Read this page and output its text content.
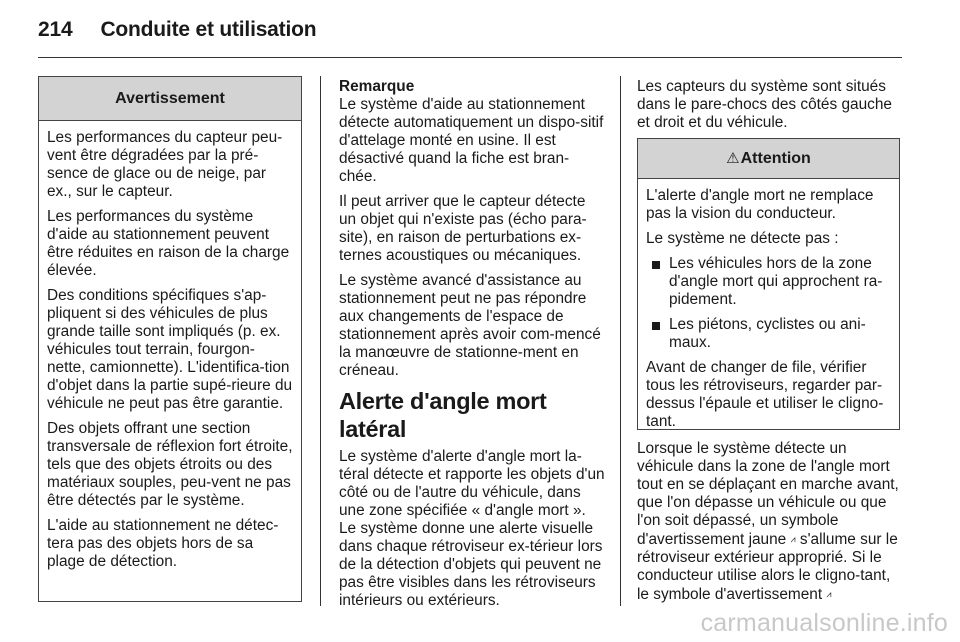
214 Conduite et utilisation
Avertissement

Les performances du capteur peu-vent être dégradées par la pré-sence de glace ou de neige, par ex., sur le capteur.

Les performances du système d'aide au stationnement peuvent être réduites en raison de la charge élevée.

Des conditions spécifiques s'ap-pliquent si des véhicules de plus grande taille sont impliqués (p. ex. véhicules tout terrain, fourgon-nette, camionnette). L'identifica-tion d'objet dans la partie supé-rieure du véhicule ne peut pas être garantie.

Des objets offrant une section transversale de réflexion fort étroite, tels que des objets étroits ou des matériaux souples, peu-vent ne pas être détectés par le système.

L'aide au stationnement ne détec-tera pas des objets hors de sa plage de détection.

Remarque

Le système d'aide au stationnement détecte automatiquement un dispo-sitif d'attelage monté en usine. Il est désactivé quand la fiche est bran-chée.

Il peut arriver que le capteur détecte un objet qui n'existe pas (écho para-site), en raison de perturbations ex-ternes acoustiques ou mécaniques.

Le système avancé d'assistance au stationnement peut ne pas répondre aux changements de l'espace de stationnement après avoir com-mencé la manœuvre de stationne-ment en créneau.

Alerte d'angle mort latéral

Le système d'alerte d'angle mort la-téral détecte et rapporte les objets d'un côté ou de l'autre du véhicule, dans une zone spécifiée « d'angle mort ». Le système donne une alerte visuelle dans chaque rétroviseur ex-térieur lors de la détection d'objets qui peuvent ne pas être visibles dans les rétroviseurs intérieurs ou extérieurs.

Les capteurs du système sont situés dans le pare-chocs des côtés gauche et droit et du véhicule.

⚠Attention

L'alerte d'angle mort ne remplace pas la vision du conducteur.

Le système ne détecte pas :

Les véhicules hors de la zone d'angle mort qui approchent ra-pidement.
Les piétons, cyclistes ou ani-maux.

Avant de changer de file, vérifier tous les rétroviseurs, regarder par-dessus l'épaule et utiliser le cligno-tant.

Lorsque le système détecte un véhicule dans la zone de l'angle mort tout en se déplaçant en marche avant, que l'on dépasse un véhicule ou que l'on soit dépassé, un symbole d'avertissement jaune ⩘ s'allume sur le rétroviseur extérieur approprié. Si le conducteur utilise alors le cligno-tant, le symbole d'avertissement ⩘

carmanualsonline.info
